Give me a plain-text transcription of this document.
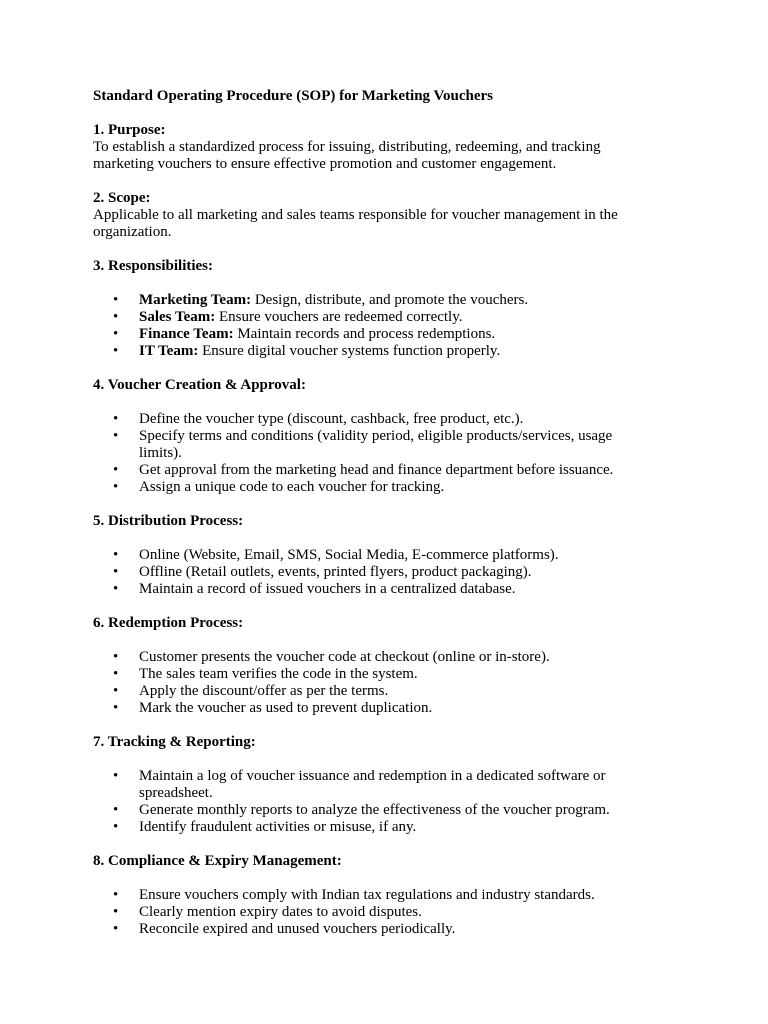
Standard Operating Procedure (SOP) for Marketing Vouchers

1. Purpose:

To establish a standardized process for issuing, distributing, redeeming, and tracking marketing vouchers to ensure effective promotion and customer engagement.

2. Scope:

Applicable to all marketing and sales teams responsible for voucher management in the organization.

3. Responsibilities:

• Marketing Team: Design, distribute, and promote the vouchers.
• Sales Team: Ensure vouchers are redeemed correctly.
• Finance Team: Maintain records and process redemptions.
• IT Team: Ensure digital voucher systems function properly.

4. Voucher Creation & Approval:

• Define the voucher type (discount, cashback, free product, etc.).
• Specify terms and conditions (validity period, eligible products/services, usage limits).
• Get approval from the marketing head and finance department before issuance.
• Assign a unique code to each voucher for tracking.

5. Distribution Process:

• Online (Website, Email, SMS, Social Media, E-commerce platforms).
• Offline (Retail outlets, events, printed flyers, product packaging).
• Maintain a record of issued vouchers in a centralized database.

6. Redemption Process:

• Customer presents the voucher code at checkout (online or in-store).
• The sales team verifies the code in the system.
• Apply the discount/offer as per the terms.
• Mark the voucher as used to prevent duplication.

7. Tracking & Reporting:

• Maintain a log of voucher issuance and redemption in a dedicated software or spreadsheet.
• Generate monthly reports to analyze the effectiveness of the voucher program.
• Identify fraudulent activities or misuse, if any.

8. Compliance & Expiry Management:

• Ensure vouchers comply with Indian tax regulations and industry standards.
• Clearly mention expiry dates to avoid disputes.
• Reconcile expired and unused vouchers periodically.
